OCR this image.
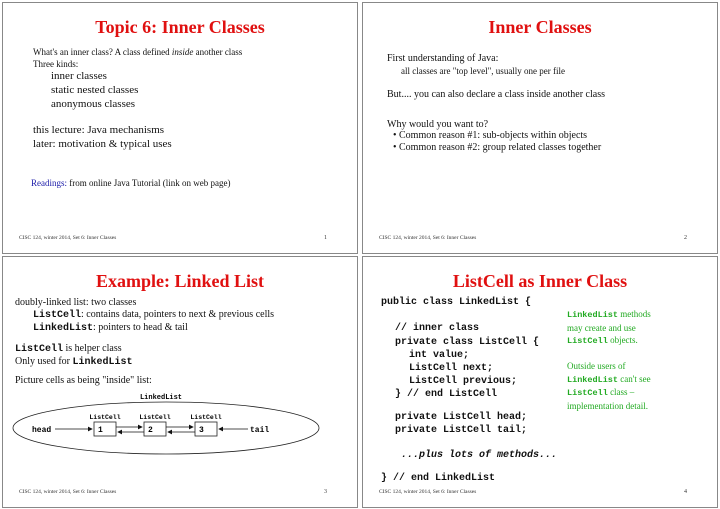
Topic 6: Inner Classes
What's an inner class? A class defined inside another class
Three kinds:
inner classes
static nested classes
anonymous classes
this lecture: Java mechanisms
later: motivation & typical uses
Readings: from online Java Tutorial (link on web page)
CISC 124, winter 2014, Set 6: Inner Classes	1
Inner Classes
First understanding of Java:
all classes are "top level", usually one per file
But.... you can also declare a class inside another class
Why would you want to?
• Common reason #1: sub-objects within objects
• Common reason #2: group related classes together
CISC 124, winter 2014, Set 6: Inner Classes	2
Example: Linked List
doubly-linked list: two classes
ListCell: contains data, pointers to next & previous cells
LinkedList: pointers to head & tail
ListCell is helper class
Only used for LinkedList
Picture cells as being "inside" list:
LinkedList
ListCell	ListCell	ListCell
1	2	3
head	tail
CISC 124, winter 2014, Set 6: Inner Classes	3
ListCell as Inner Class
public class LinkedList {
// inner class
private class ListCell {
int value;
ListCell next;
ListCell previous;
} // end ListCell
private ListCell head;
private ListCell tail;
...plus lots of methods...
} // end LinkedList
LinkedList methods
may create and use
ListCell objects.
Outside users of
LinkedList can't see
ListCell class –
implementation detail.
CISC 124, winter 2014, Set 6: Inner Classes	4
